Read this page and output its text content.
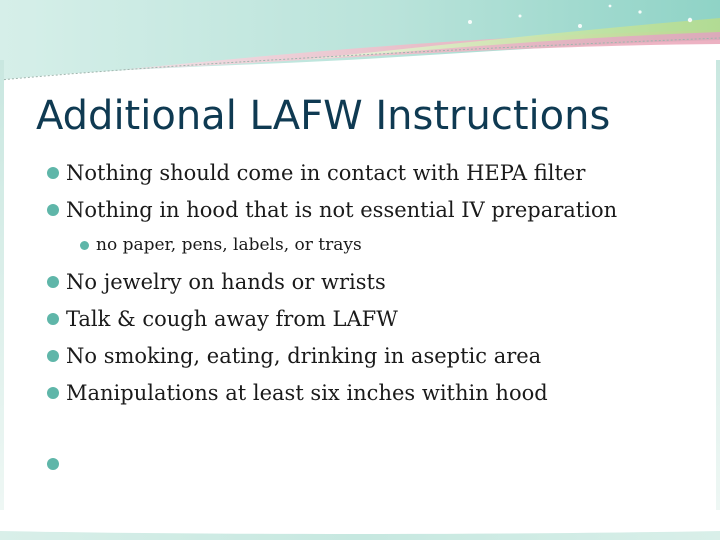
Additional LAFW Instructions
Nothing should come in contact with HEPA filter
Nothing in hood that is not essential IV preparation
no paper, pens, labels, or trays
No jewelry on hands or wrists
Talk & cough away from LAFW
No smoking, eating, drinking in aseptic area
Manipulations at least six inches within hood
